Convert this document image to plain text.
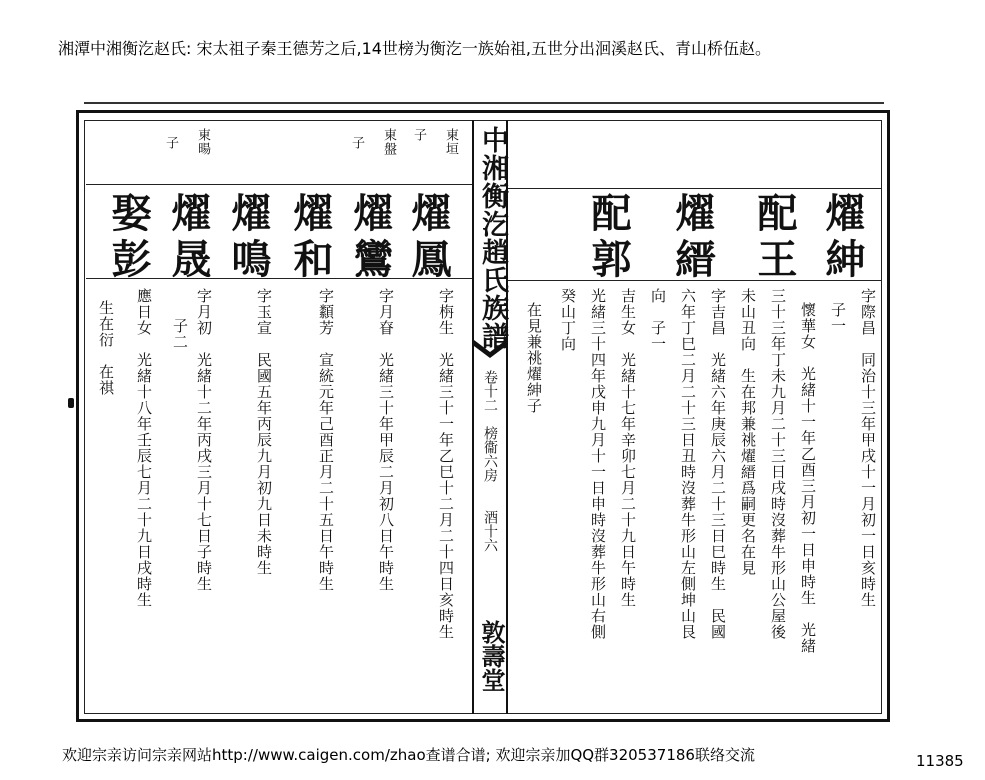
湘潭中湘衡汔赵氏: 宋太祖子秦王德芳之后,14世榜为衡汔一族始祖,五世分出洄溪赵氏、青山桥伍赵。
中湘衡汔趙氏族譜
卷十二　榜衞六房　　酒十六
敦壽堂
東垣
子
東盤
子
東暘
子
燿鳳
燿鸞
燿和
燿鳴
燿晟
娶彭
字栴生　光緒三十一年乙巳十二月二十四日亥時生
字月眘　光緒三十年甲辰二月初八日午時生
字纇芳　宣統元年己酉正月二十五日午時生
字玉宣　民國五年丙辰九月初九日未時生
字月初　光緒十二年丙戌三月十七日子時生
子二
應日女　光緒十八年壬辰七月二十九日戌時生
生在衍　在祺
燿紳
配王
燿縉
配郭
字際昌　同治十三年甲戌十一月初一日亥時生
子一
懷華女　光緒十一年乙酉三月初一日申時生　光緒
三十三年丁未九月二十三日戌時沒葬牛形山公屋後
未山丑向　生在邦兼祧燿縉爲嗣更名在見
字吉昌　光緒六年庚辰六月二十三日巳時生　民國
六年丁巳二月二十三日丑時沒葬牛形山左側坤山艮
向　子一
吉生女　光緒十七年辛卯七月二十九日午時生
光緒三十四年戊申九月十一日申時沒葬牛形山右側
癸山丁向
在見兼祧燿紳子
欢迎宗亲访问宗亲网站http://www.caigen.com/zhao查谱合谱; 欢迎宗亲加QQ群320537186联络交流	11385
